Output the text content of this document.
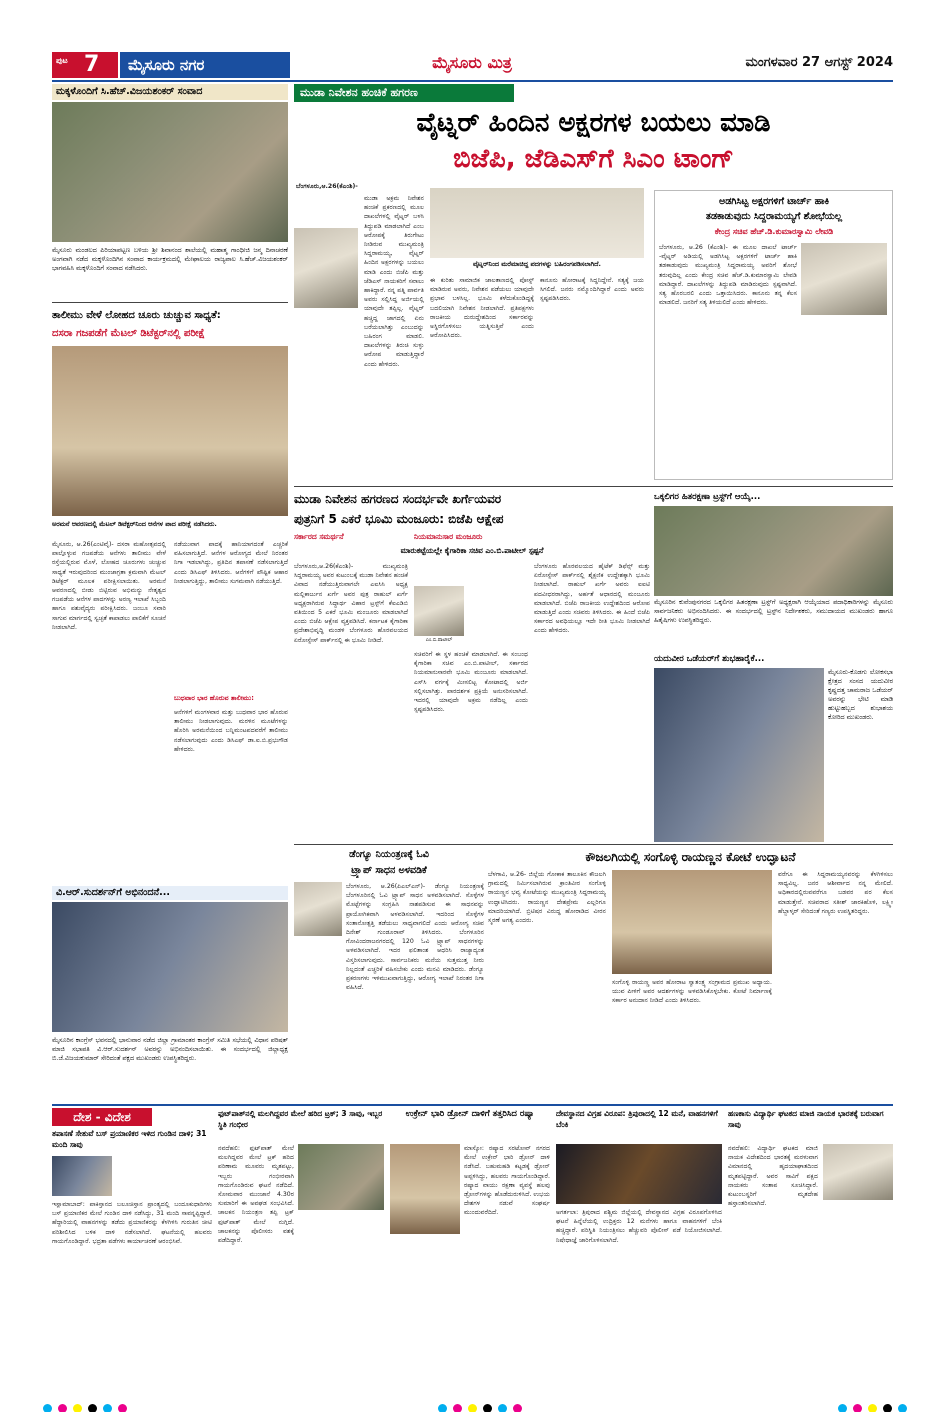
ಪುಟ 7 ಮೈಸೂರು ನಗರ	ಮೈಸೂರು ಮಿತ್ರ	ಮಂಗಳವಾರ 27 ಆಗಸ್ಟ್ 2024
ಮಕ್ಕಳೊಂದಿಗೆ ಸಿ.ಹೆಚ್.ವಿಜಯಶಂಕರ್ ಸಂವಾದ
ಮೈಸೂರು ಮಂಡಲದ ಪಿರಿಯಾಪಟ್ಟಣ ಬಳಿಯ ಶ್ರೀ ಶಿವಾನಂದ ಶಾಲೆಯಲ್ಲಿ ಮಹಾತ್ಮ ಗಾಂಧೀಜಿ ಜನ್ಮ ದಿನಾಚರಣೆ ಅಂಗವಾಗಿ ನಡೆದ ಮಕ್ಕಳೊಂದಿಗಿನ ಸಂವಾದ ಕಾರ್ಯಕ್ರಮದಲ್ಲಿ ಮೇಘಾಲಯ ರಾಜ್ಯಪಾಲ ಸಿ.ಹೆಚ್.ವಿಜಯಶಂಕರ್ ಭಾಗವಹಿಸಿ ಮಕ್ಕಳೊಂದಿಗೆ ಸಂವಾದ ನಡೆಸಿದರು.
ತಾಲೀಮು ವೇಳೆ ಲೋಹದ ಚೂರು ಚುಚ್ಚುವ ಸಾಧ್ಯತೆ:
ದಸರಾ ಗಜಪಡೆಗೆ ಮೆಟಲ್ ಡಿಟೆಕ್ಟರ್‌ನಲ್ಲಿ ಪರೀಕ್ಷೆ
ಅರಮನೆ ಆವರಣದಲ್ಲಿ ಮೆಟಲ್ ಡಿಟೆಕ್ಟರ್‌ನಿಂದ ಆನೆಗಳ ಪಾದ ಪರೀಕ್ಷೆ ನಡೆಸಿದರು.
ಮೈಸೂರು, ಆ.26(ಎಂಟಿವೈ)- ದಸರಾ ಮಹೋತ್ಸವದಲ್ಲಿ ಪಾಲ್ಗೊಳ್ಳುವ ಗಜಪಡೆಯ ಆನೆಗಳು ತಾಲೀಮು ವೇಳೆ ರಸ್ತೆಯಲ್ಲಿರುವ ಮೊಳೆ, ಲೋಹದ ಚೂರುಗಳು ಚುಚ್ಚುವ ಸಾಧ್ಯತೆ ಇರುವುದರಿಂದ ಮುಂಜಾಗ್ರತಾ ಕ್ರಮವಾಗಿ ಮೆಟಲ್ ಡಿಟೆಕ್ಟರ್ ಮೂಲಕ ಪರೀಕ್ಷಿಸಲಾಯಿತು. ಅರಮನೆ ಆವರಣದಲ್ಲಿ ಬೀಡು ಬಿಟ್ಟಿರುವ ಅಭಿಮನ್ಯು ನೇತೃತ್ವದ ಗಜಪಡೆಯ ಆನೆಗಳ ಪಾದಗಳನ್ನು ಅರಣ್ಯ ಇಲಾಖೆ ಸಿಬ್ಬಂದಿ ಹಾಗೂ ಪಶುವೈದ್ಯರು ಪರೀಕ್ಷಿಸಿದರು. ಜಂಬೂ ಸವಾರಿ ಸಾಗುವ ಮಾರ್ಗದಲ್ಲಿ ಸ್ವಚ್ಛತೆ ಕಾಪಾಡಲು ಪಾಲಿಕೆಗೆ ಸೂಚನೆ ನೀಡಲಾಗಿದೆ.
ನಡೆಯುವಾಗ ಪಾದಕ್ಕೆ ಹಾನಿಯಾಗದಂತೆ ಎಚ್ಚರಿಕೆ ವಹಿಸಲಾಗುತ್ತಿದೆ. ಆನೆಗಳ ಆರೋಗ್ಯದ ಮೇಲೆ ನಿರಂತರ ನಿಗಾ ಇಡಲಾಗಿದ್ದು, ಪ್ರತಿದಿನ ತಪಾಸಣೆ ನಡೆಸಲಾಗುತ್ತಿದೆ ಎಂದು ಡಿಸಿಎಫ್ ತಿಳಿಸಿದರು. ಆನೆಗಳಿಗೆ ಪೌಷ್ಟಿಕ ಆಹಾರ ನೀಡಲಾಗುತ್ತಿದ್ದು, ತಾಲೀಮು ಸುಗಮವಾಗಿ ನಡೆಯುತ್ತಿದೆ.
ಬುಧವಾರ ಭಾರ ಹೊರುವ ತಾಲೀಮು:
ಆನೆಗಳಿಗೆ ಮಂಗಳವಾರ ಮತ್ತು ಬುಧವಾರ ಭಾರ ಹೊರುವ ತಾಲೀಮು ನೀಡಲಾಗುವುದು. ಮರಳಿನ ಮೂಟೆಗಳನ್ನು ಹೊರಿಸಿ ಅರಮನೆಯಿಂದ ಬನ್ನಿಮಂಟಪದವರೆಗೆ ತಾಲೀಮು ನಡೆಸಲಾಗುವುದು ಎಂದು ಡಿಸಿಎಫ್ ಡಾ.ಐ.ಬಿ.ಪ್ರಭುಗೌಡ ಹೇಳಿದರು.
ವಿ.ಆರ್.ಸುದರ್ಶನ್‌ಗೆ ಅಭಿನಂದನೆ...
ಮೈಸೂರಿನ ಕಾಂಗ್ರೆಸ್ ಭವನದಲ್ಲಿ ಭಾನುವಾರ ನಡೆದ ಜಿಲ್ಲಾ ಗ್ರಾಮಾಂತರ ಕಾಂಗ್ರೆಸ್ ಸಮಿತಿ ಸಭೆಯಲ್ಲಿ ವಿಧಾನ ಪರಿಷತ್ ಮಾಜಿ ಸಭಾಪತಿ ವಿ.ಆರ್.ಸುದರ್ಶನ್ ಅವರನ್ನು ಅಭಿನಂದಿಸಲಾಯಿತು. ಈ ಸಂದರ್ಭದಲ್ಲಿ ಜಿಲ್ಲಾಧ್ಯಕ್ಷ ಬಿ.ಜೆ.ವಿಜಯಕುಮಾರ್ ಸೇರಿದಂತೆ ಪಕ್ಷದ ಮುಖಂಡರು ಉಪಸ್ಥಿತರಿದ್ದರು.
ಮುಡಾ ನಿವೇಶನ ಹಂಚಿಕೆ ಹಗರಣ
ವೈಟ್ನರ್ ಹಿಂದಿನ ಅಕ್ಷರಗಳ ಬಯಲು ಮಾಡಿ
ಬಿಜೆಪಿ, ಜೆಡಿಎಸ್‌ಗೆ ಸಿಎಂ ಟಾಂಗ್
ಬೆಂಗಳೂರು,ಆ.26(ಕೆಎಂಶಿ)-
ಮುಡಾ ಅಕ್ರಮ ನಿವೇಶನ ಹಂಚಿಕೆ ಪ್ರಕರಣದಲ್ಲಿ ಮೂಲ ದಾಖಲೆಗಳಲ್ಲಿ ವೈಟ್ನರ್ ಬಳಸಿ ತಿದ್ದುಪಡಿ ಮಾಡಲಾಗಿದೆ ಎಂಬ ಆರೋಪಕ್ಕೆ ತಿರುಗೇಟು ನೀಡಿರುವ ಮುಖ್ಯಮಂತ್ರಿ ಸಿದ್ದರಾಮಯ್ಯ, ವೈಟ್ನರ್ ಹಿಂದಿನ ಅಕ್ಷರಗಳನ್ನು ಬಯಲು ಮಾಡಿ ಎಂದು ಬಿಜೆಪಿ ಮತ್ತು ಜೆಡಿಎಸ್ ನಾಯಕರಿಗೆ ಸವಾಲು ಹಾಕಿದ್ದಾರೆ. ನನ್ನ ಪತ್ನಿ ಪಾರ್ವತಿ ಅವರು ಸಲ್ಲಿಸಿದ್ದ ಅರ್ಜಿಯಲ್ಲಿ ಯಾವುದೇ ತಪ್ಪಿಲ್ಲ. ವೈಟ್ನರ್ ಹಚ್ಚಿದ್ದ ಜಾಗದಲ್ಲಿ ಏನು ಬರೆಯಲಾಗಿತ್ತು ಎಂಬುದನ್ನು ಬಹಿರಂಗ ಮಾಡಲಿ. ದಾಖಲೆಗಳನ್ನು ತಿರುಚಿ ಸುಳ್ಳು ಆರೋಪ ಮಾಡುತ್ತಿದ್ದಾರೆ ಎಂದು ಹೇಳಿದರು.
ವೈಟ್ನರ್‌ನಿಂದ ಮರೆಮಾಚಿದ್ದ ಪದಗಳನ್ನು ಬಹಿರಂಗಪಡಿಸಲಾಗಿದೆ.
ಈ ಕುರಿತು ಸಾಮಾಜಿಕ ಜಾಲತಾಣದಲ್ಲಿ ಪೋಸ್ಟ್ ಮಾಡಿರುವ ಅವರು, ನಿವೇಶನ ಪಡೆಯಲು ಯಾವುದೇ ಪ್ರಭಾವ ಬಳಸಿಲ್ಲ. ಭೂಮಿ ಕಳೆದುಕೊಂಡಿದ್ದಕ್ಕೆ ಬದಲಿಯಾಗಿ ನಿವೇಶನ ನೀಡಲಾಗಿದೆ. ಪ್ರತಿಪಕ್ಷಗಳು ರಾಜಕೀಯ ದುರುದ್ದೇಶದಿಂದ ಸರ್ಕಾರವನ್ನು ಅಸ್ಥಿರಗೊಳಿಸಲು ಯತ್ನಿಸುತ್ತಿವೆ ಎಂದು ಆರೋಪಿಸಿದರು.
ಕಾನೂನು ಹೋರಾಟಕ್ಕೆ ಸಿದ್ಧನಿದ್ದೇನೆ. ಸತ್ಯಕ್ಕೆ ಜಯ ಸಿಗಲಿದೆ. ಜನರು ನಮ್ಮೊಂದಿಗಿದ್ದಾರೆ ಎಂದು ಅವರು ಸ್ಪಷ್ಟಪಡಿಸಿದರು.
ಅಡಗಿಸಿಟ್ಟ ಅಕ್ಷರಗಳಿಗೆ ಟಾರ್ಚ್ ಹಾಕಿ
ತಡಕಾಡುವುದು ಸಿದ್ದರಾಮಯ್ಯಗೆ ಶೋಭೆಯಲ್ಲ
ಕೇಂದ್ರ ಸಚಿವ ಹೆಚ್.ಡಿ.ಕುಮಾರಸ್ವಾಮಿ ಲೇವಡಿ
ಬೆಂಗಳೂರು, ಆ.26 (ಕೆಎಂಶಿ)- ಈ ಮೂಲ ದಾಖಲೆ ಟಾರ್ಚ್ -ವೈಟ್ನರ್ ಅಡಿಯಲ್ಲಿ ಅಡಗಿಸಿಟ್ಟ ಅಕ್ಷರಗಳಿಗೆ ಟಾರ್ಚ್ ಹಾಕಿ ತಡಕಾಡುವುದು ಮುಖ್ಯಮಂತ್ರಿ ಸಿದ್ದರಾಮಯ್ಯ ಅವರಿಗೆ ಶೋಭೆ ತರುವುದಿಲ್ಲ ಎಂದು ಕೇಂದ್ರ ಸಚಿವ ಹೆಚ್.ಡಿ.ಕುಮಾರಸ್ವಾಮಿ ಲೇವಡಿ ಮಾಡಿದ್ದಾರೆ. ದಾಖಲೆಗಳನ್ನು ತಿದ್ದುಪಡಿ ಮಾಡಿರುವುದು ಸ್ಪಷ್ಟವಾಗಿದೆ. ಸತ್ಯ ಹೊರಬರಲಿ ಎಂದು ಒತ್ತಾಯಿಸಿದರು. ಕಾನೂನು ತನ್ನ ಕೆಲಸ ಮಾಡಲಿದೆ. ಜನರಿಗೆ ಸತ್ಯ ತಿಳಿಯಲಿದೆ ಎಂದು ಹೇಳಿದರು.
ಮುಡಾ ನಿವೇಶನ ಹಗರಣದ ಸಂದರ್ಭವೇ ಖರ್ಗೆಯವರ
ಪುತ್ರನಿಗೆ 5 ಎಕರೆ ಭೂಮಿ ಮಂಜೂರು: ಬಿಜೆಪಿ ಆಕ್ಷೇಪ
ಸರ್ಕಾರದ ಸಮರ್ಥನೆ	ನಿಯಮಾನುಸಾರ ಮಂಜೂರು
ಮಾರುಕಟ್ಟೆಯಲ್ಲೇ ಕೈಗಾರಿಕಾ ಸಚಿವ ಎಂ.ಬಿ.ಪಾಟೀಲ್ ಸ್ಪಷ್ಟನೆ
ಬೆಂಗಳೂರು,ಆ.26(ಕೆಎಂಶಿ)- ಮುಖ್ಯಮಂತ್ರಿ ಸಿದ್ದರಾಮಯ್ಯ ಅವರ ಕುಟುಂಬಕ್ಕೆ ಮುಡಾ ನಿವೇಶನ ಹಂಚಿಕೆ ವಿವಾದ ನಡೆಯುತ್ತಿರುವಾಗಲೇ ಎಐಸಿಸಿ ಅಧ್ಯಕ್ಷ ಮಲ್ಲಿಕಾರ್ಜುನ ಖರ್ಗೆ ಅವರ ಪುತ್ರ ರಾಹುಲ್ ಖರ್ಗೆ ಅಧ್ಯಕ್ಷರಾಗಿರುವ ಸಿದ್ಧಾರ್ಥ ವಿಹಾರ ಟ್ರಸ್ಟ್‌ಗೆ ಕೆಐಎಡಿಬಿ ವತಿಯಿಂದ 5 ಎಕರೆ ಭೂಮಿ ಮಂಜೂರು ಮಾಡಲಾಗಿದೆ ಎಂದು ಬಿಜೆಪಿ ಆಕ್ಷೇಪ ವ್ಯಕ್ತಪಡಿಸಿದೆ. ಕರ್ನಾಟಕ ಕೈಗಾರಿಕಾ ಪ್ರದೇಶಾಭಿವೃದ್ಧಿ ಮಂಡಳಿ ಬೆಂಗಳೂರು ಹೊರವಲಯದ ಏರೋಸ್ಪೇಸ್ ಪಾರ್ಕ್‌ನಲ್ಲಿ ಈ ಭೂಮಿ ನೀಡಿದೆ.	ಎಂ.ಬಿ.ಪಾಟೀಲ್
ಸಚಿವರಿಗೆ ಈ ಸ್ಥಳ ಹಂಚಿಕೆ ಮಾಡಲಾಗಿದೆ. ಈ ಸಂಬಂಧ ಕೈಗಾರಿಕಾ ಸಚಿವ ಎಂ.ಬಿ.ಪಾಟೀಲ್, ಸರ್ಕಾರದ ನಿಯಮಾನುಸಾರವೇ ಭೂಮಿ ಮಂಜೂರು ಮಾಡಲಾಗಿದೆ. ಎಸ್‌ಸಿ ವರ್ಗಕ್ಕೆ ಮೀಸಲಿಟ್ಟ ಕೋಟಾದಲ್ಲಿ ಅರ್ಜಿ ಸಲ್ಲಿಸಲಾಗಿತ್ತು. ಪಾರದರ್ಶಕ ಪ್ರಕ್ರಿಯೆ ಅನುಸರಿಸಲಾಗಿದೆ. ಇದರಲ್ಲಿ ಯಾವುದೇ ಅಕ್ರಮ ನಡೆದಿಲ್ಲ ಎಂದು ಸ್ಪಷ್ಟಪಡಿಸಿದರು.
ಬೆಂಗಳೂರು ಹೊರವಲಯದ ಹೈಟೆಕ್ ಡಿಫೆನ್ಸ್ ಮತ್ತು ಏರೋಸ್ಪೇಸ್ ಪಾರ್ಕ್‌ನಲ್ಲಿ ಶೈಕ್ಷಣಿಕ ಉದ್ದೇಶಕ್ಕಾಗಿ ಭೂಮಿ ನೀಡಲಾಗಿದೆ. ರಾಹುಲ್ ಖರ್ಗೆ ಅವರು ಐಐಟಿ ಪದವೀಧರರಾಗಿದ್ದು, ಅರ್ಹತೆ ಆಧಾರದಲ್ಲಿ ಮಂಜೂರು ಮಾಡಲಾಗಿದೆ. ಬಿಜೆಪಿ ರಾಜಕೀಯ ಉದ್ದೇಶದಿಂದ ಆರೋಪ ಮಾಡುತ್ತಿದೆ ಎಂದು ಸಚಿವರು ತಿಳಿಸಿದರು. ಈ ಹಿಂದೆ ಬಿಜೆಪಿ ಸರ್ಕಾರದ ಅವಧಿಯಲ್ಲೂ ಇದೇ ರೀತಿ ಭೂಮಿ ನೀಡಲಾಗಿದೆ ಎಂದು ಹೇಳಿದರು.
ಒಕ್ಕಲಿಗರ ಹಿತರಕ್ಷಣಾ ಟ್ರಸ್ಟ್‌ಗೆ ಆಯ್ಕೆ...
ಮೈಸೂರಿನ ಕುವೆಂಪುನಗರದ ಒಕ್ಕಲಿಗರ ಹಿತರಕ್ಷಣಾ ಟ್ರಸ್ಟ್‌ಗೆ ಅಧ್ಯಕ್ಷರಾಗಿ ಆಯ್ಕೆಯಾದ ಪದಾಧಿಕಾರಿಗಳನ್ನು ಮೈಸೂರು ಸಾರ್ವಜನಿಕರು ಅಭಿನಂದಿಸಿದರು. ಈ ಸಂದರ್ಭದಲ್ಲಿ ಟ್ರಸ್ಟ್‌ನ ನಿರ್ದೇಶಕರು, ಸಮುದಾಯದ ಮುಖಂಡರು ಹಾಗೂ ಹಿತೈಷಿಗಳು ಉಪಸ್ಥಿತರಿದ್ದರು.
ಯದುವೀರ ಒಡೆಯರ್‌ಗೆ ಶುಭಹಾರೈಕೆ...
ಮೈಸೂರು-ಕೊಡಗು ಲೋಕಸಭಾ ಕ್ಷೇತ್ರದ ಸಂಸದ ಯದುವೀರ ಕೃಷ್ಣದತ್ತ ಚಾಮರಾಜ ಒಡೆಯರ್ ಅವರನ್ನು ಭೇಟಿ ಮಾಡಿ ಹುಟ್ಟುಹಬ್ಬದ ಶುಭಾಶಯ ಕೋರಿದ ಮುಖಂಡರು.
ಡೆಂಗ್ಯೂ ನಿಯಂತ್ರಣಕ್ಕೆ ಓವಿ
ಟ್ರ್ಯಾಪ್ ಸಾಧನ ಅಳವಡಿಕೆ
ಬೆಂಗಳೂರು, ಆ.26(ಪಿಎಲ್‌ಎನ್)- ಡೆಂಗ್ಯೂ ನಿಯಂತ್ರಣಕ್ಕೆ ಬೆಂಗಳೂರಿನಲ್ಲಿ ಓವಿ ಟ್ರ್ಯಾಪ್ ಸಾಧನ ಅಳವಡಿಸಲಾಗಿದೆ. ಸೊಳ್ಳೆಗಳ ಮೊಟ್ಟೆಗಳನ್ನು ಸಂಗ್ರಹಿಸಿ ನಾಶಪಡಿಸುವ ಈ ಸಾಧನವನ್ನು ಪ್ರಾಯೋಗಿಕವಾಗಿ ಅಳವಡಿಸಲಾಗಿದೆ. ಇದರಿಂದ ಸೊಳ್ಳೆಗಳ ಸಂತಾನೋತ್ಪತ್ತಿ ತಡೆಯಲು ಸಾಧ್ಯವಾಗಲಿದೆ ಎಂದು ಆರೋಗ್ಯ ಸಚಿವ ದಿನೇಶ್ ಗುಂಡೂರಾವ್ ತಿಳಿಸಿದರು. ಬೆಂಗಳೂರಿನ ಗೋವಿಂದರಾಜನಗರದಲ್ಲಿ 120 ಓವಿ ಟ್ರ್ಯಾಪ್ ಸಾಧನಗಳನ್ನು ಅಳವಡಿಸಲಾಗಿದೆ. ಇದರ ಫಲಿತಾಂಶ ಆಧರಿಸಿ ರಾಜ್ಯಾದ್ಯಂತ ವಿಸ್ತರಿಸಲಾಗುವುದು. ಸಾರ್ವಜನಿಕರು ಮನೆಯ ಸುತ್ತಮುತ್ತ ನೀರು ನಿಲ್ಲದಂತೆ ಎಚ್ಚರಿಕೆ ವಹಿಸಬೇಕು ಎಂದು ಮನವಿ ಮಾಡಿದರು. ಡೆಂಗ್ಯೂ ಪ್ರಕರಣಗಳು ಇಳಿಮುಖವಾಗುತ್ತಿದ್ದು, ಆರೋಗ್ಯ ಇಲಾಖೆ ನಿರಂತರ ನಿಗಾ ವಹಿಸಿದೆ.
ಕೌಜಲಗಿಯಲ್ಲಿ ಸಂಗೊಳ್ಳಿ ರಾಯಣ್ಣನ ಕೋಟೆ ಉದ್ಘಾಟನೆ
ಬೆಳಗಾವಿ, ಆ.26- ಜಿಲ್ಲೆಯ ಗೋಕಾಕ ತಾಲೂಕಿನ ಕೌಜಲಗಿ ಗ್ರಾಮದಲ್ಲಿ ನಿರ್ಮಿಸಲಾಗಿರುವ ಕ್ರಾಂತಿವೀರ ಸಂಗೊಳ್ಳಿ ರಾಯಣ್ಣನ ಭವ್ಯ ಕೋಟೆಯನ್ನು ಮುಖ್ಯಮಂತ್ರಿ ಸಿದ್ದರಾಮಯ್ಯ ಉದ್ಘಾಟಿಸಿದರು. ರಾಯಣ್ಣನ ದೇಶಪ್ರೇಮ ಎಲ್ಲರಿಗೂ ಮಾದರಿಯಾಗಿದೆ. ಬ್ರಿಟಿಷರ ವಿರುದ್ಧ ಹೋರಾಡಿದ ವೀರನ ಸ್ಮರಣೆ ಅಗತ್ಯ ಎಂದರು.
ಸಂಗೊಳ್ಳಿ ರಾಯಣ್ಣ ಅವರ ಹೋರಾಟ ಸ್ವಾತಂತ್ರ್ಯ ಸಂಗ್ರಾಮದ ಪ್ರಮುಖ ಅಧ್ಯಾಯ. ಯುವ ಪೀಳಿಗೆ ಅವರ ಆದರ್ಶಗಳನ್ನು ಅಳವಡಿಸಿಕೊಳ್ಳಬೇಕು. ಕೋಟೆ ನಿರ್ಮಾಣಕ್ಕೆ ಸರ್ಕಾರ ಅನುದಾನ ನೀಡಿದೆ ಎಂದು ತಿಳಿಸಿದರು.
ವರೆಗೂ ಈ ಸಿದ್ದರಾಮಯ್ಯನವರನ್ನು ಕೆಳಗಿಳಿಸಲು ಸಾಧ್ಯವಿಲ್ಲ. ಜನರ ಆಶೀರ್ವಾದ ನನ್ನ ಮೇಲಿದೆ. ಅಧಿಕಾರದಲ್ಲಿರುವವರೆಗೂ ಬಡವರ ಪರ ಕೆಲಸ ಮಾಡುತ್ತೇನೆ. ಸಚಿವರಾದ ಸತೀಶ್ ಜಾರಕಿಹೊಳಿ, ಲಕ್ಷ್ಮೀ ಹೆಬ್ಬಾಳ್ಕರ್ ಸೇರಿದಂತೆ ಗಣ್ಯರು ಉಪಸ್ಥಿತರಿದ್ದರು.
ದೇಶ - ವಿದೇಶ
ತಪಾಸಣೆ ಸೇತುವೆ ಬಸ್ ಪ್ರಯಾಣಿಕರ ಇಳಿದ ಗುಂಡಿನ ದಾಳಿ; 31 ಮಂದಿ ಸಾವು
ಇಸ್ಲಾಮಾಬಾದ್: ಪಾಕಿಸ್ತಾನದ ಬಲೂಚಿಸ್ತಾನ ಪ್ರಾಂತ್ಯದಲ್ಲಿ ಬಂದೂಕುಧಾರಿಗಳು ಬಸ್ ಪ್ರಯಾಣಿಕರ ಮೇಲೆ ಗುಂಡಿನ ದಾಳಿ ನಡೆಸಿದ್ದು, 31 ಮಂದಿ ಸಾವನ್ನಪ್ಪಿದ್ದಾರೆ. ಹೆದ್ದಾರಿಯಲ್ಲಿ ವಾಹನಗಳನ್ನು ತಡೆದು ಪ್ರಯಾಣಿಕರನ್ನು ಕೆಳಗಿಳಿಸಿ ಗುರುತಿನ ಚೀಟಿ ಪರಿಶೀಲಿಸಿದ ಬಳಿಕ ದಾಳಿ ನಡೆಸಲಾಗಿದೆ. ಘಟನೆಯಲ್ಲಿ ಹಲವರು ಗಾಯಗೊಂಡಿದ್ದಾರೆ. ಭದ್ರತಾ ಪಡೆಗಳು ಕಾರ್ಯಾಚರಣೆ ಆರಂಭಿಸಿವೆ.
ಫುಟ್‌ಪಾತ್‌ನಲ್ಲಿ ಮಲಗಿದ್ದವರ ಮೇಲೆ ಹರಿದ ಟ್ರಕ್; 3 ಸಾವು, ಇಬ್ಬರ ಸ್ಥಿತಿ ಗಂಭೀರ
ನವದೆಹಲಿ: ಫುಟ್‌ಪಾತ್ ಮೇಲೆ ಮಲಗಿದ್ದವರ ಮೇಲೆ ಟ್ರಕ್ ಹರಿದ ಪರಿಣಾಮ ಮೂವರು ಮೃತಪಟ್ಟು, ಇಬ್ಬರು ಗಂಭೀರವಾಗಿ ಗಾಯಗೊಂಡಿರುವ ಘಟನೆ ನಡೆದಿದೆ. ಸೋಮವಾರ ಮುಂಜಾನೆ 4.30ರ ಸುಮಾರಿಗೆ ಈ ಅವಘಡ ಸಂಭವಿಸಿದೆ. ಚಾಲಕನ ನಿಯಂತ್ರಣ ತಪ್ಪಿ ಟ್ರಕ್ ಫುಟ್‌ಪಾತ್ ಮೇಲೆ ನುಗ್ಗಿದೆ. ಚಾಲಕನನ್ನು ಪೊಲೀಸರು ವಶಕ್ಕೆ ಪಡೆದಿದ್ದಾರೆ.
ಉಕ್ರೇನ್ ಭಾರಿ ಡ್ರೋನ್ ದಾಳಿಗೆ ತತ್ತರಿಸಿದ ರಷ್ಯಾ
ಮಾಸ್ಕೋ: ರಷ್ಯಾದ ಸರಟೋವ್ ನಗರದ ಮೇಲೆ ಉಕ್ರೇನ್ ಭಾರಿ ಡ್ರೋನ್ ದಾಳಿ ನಡೆಸಿದೆ. ಬಹುಮಹಡಿ ಕಟ್ಟಡಕ್ಕೆ ಡ್ರೋನ್ ಅಪ್ಪಳಿಸಿದ್ದು, ಹಲವರು ಗಾಯಗೊಂಡಿದ್ದಾರೆ. ರಷ್ಯಾದ ವಾಯು ರಕ್ಷಣಾ ವ್ಯವಸ್ಥೆ ಹಲವು ಡ್ರೋನ್‌ಗಳನ್ನು ಹೊಡೆದುರುಳಿಸಿದೆ. ಉಭಯ ದೇಶಗಳ ನಡುವೆ ಸಂಘರ್ಷ ಮುಂದುವರೆದಿದೆ.
ದೇವಸ್ಥಾನದ ವಿಗ್ರಹ ವಿರೂಪ: ತ್ರಿಪುರಾದಲ್ಲಿ 12 ಮನೆ, ವಾಹನಗಳಿಗೆ ಬೆಂಕಿ
ಅಗರ್ತಲಾ: ತ್ರಿಪುರಾದ ಪಶ್ಚಿಮ ಜಿಲ್ಲೆಯಲ್ಲಿ ದೇವಸ್ಥಾನದ ವಿಗ್ರಹ ವಿರೂಪಗೊಳಿಸಿದ ಘಟನೆ ಹಿನ್ನೆಲೆಯಲ್ಲಿ ಉದ್ರಿಕ್ತರು 12 ಮನೆಗಳು ಹಾಗೂ ವಾಹನಗಳಿಗೆ ಬೆಂಕಿ ಹಚ್ಚಿದ್ದಾರೆ. ಪರಿಸ್ಥಿತಿ ನಿಯಂತ್ರಿಸಲು ಹೆಚ್ಚುವರಿ ಪೊಲೀಸ್ ಪಡೆ ನಿಯೋಜಿಸಲಾಗಿದೆ. ನಿಷೇಧಾಜ್ಞೆ ಜಾರಿಗೊಳಿಸಲಾಗಿದೆ.
ಹಣಕಾಸು ವಿದ್ಯಾರ್ಥಿ ಘಟಕದ ಮಾಜಿ ನಾಯಕ ಭಾರತಕ್ಕೆ ಬರುವಾಗ ಸಾವು
ನವದೆಹಲಿ: ವಿದ್ಯಾರ್ಥಿ ಘಟಕದ ಮಾಜಿ ನಾಯಕ ವಿದೇಶದಿಂದ ಭಾರತಕ್ಕೆ ಮರಳುವಾಗ ವಿಮಾನದಲ್ಲಿ ಹೃದಯಾಘಾತದಿಂದ ಮೃತಪಟ್ಟಿದ್ದಾರೆ. ಅವರ ಸಾವಿಗೆ ಪಕ್ಷದ ನಾಯಕರು ಸಂತಾಪ ಸೂಚಿಸಿದ್ದಾರೆ. ಕುಟುಂಬಸ್ಥರಿಗೆ ಮೃತದೇಹ ಹಸ್ತಾಂತರಿಸಲಾಗಿದೆ.
